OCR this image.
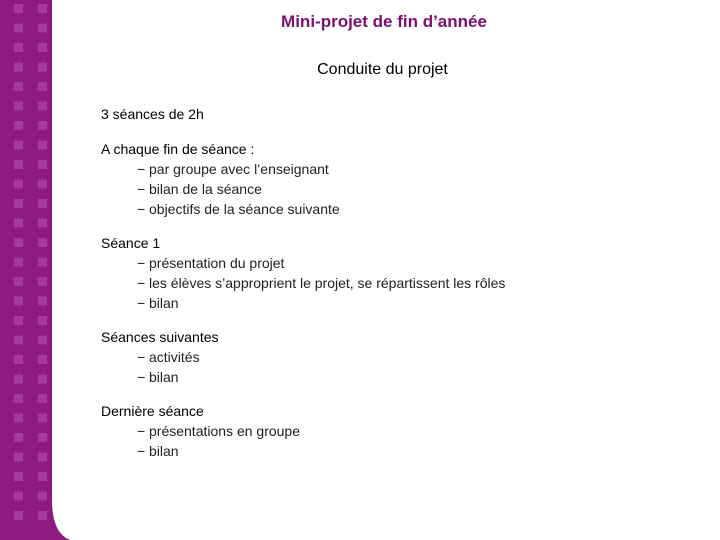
Mini-projet de fin d’année
Conduite du projet
3 séances de 2h
A chaque fin de séance :
− par groupe avec l’enseignant
− bilan de la séance
− objectifs de la séance suivante
Séance 1
− présentation du projet
− les élèves s’approprient le projet, se répartissent les rôles
− bilan
Séances suivantes
− activités
− bilan
Dernière séance
− présentations en groupe
− bilan
